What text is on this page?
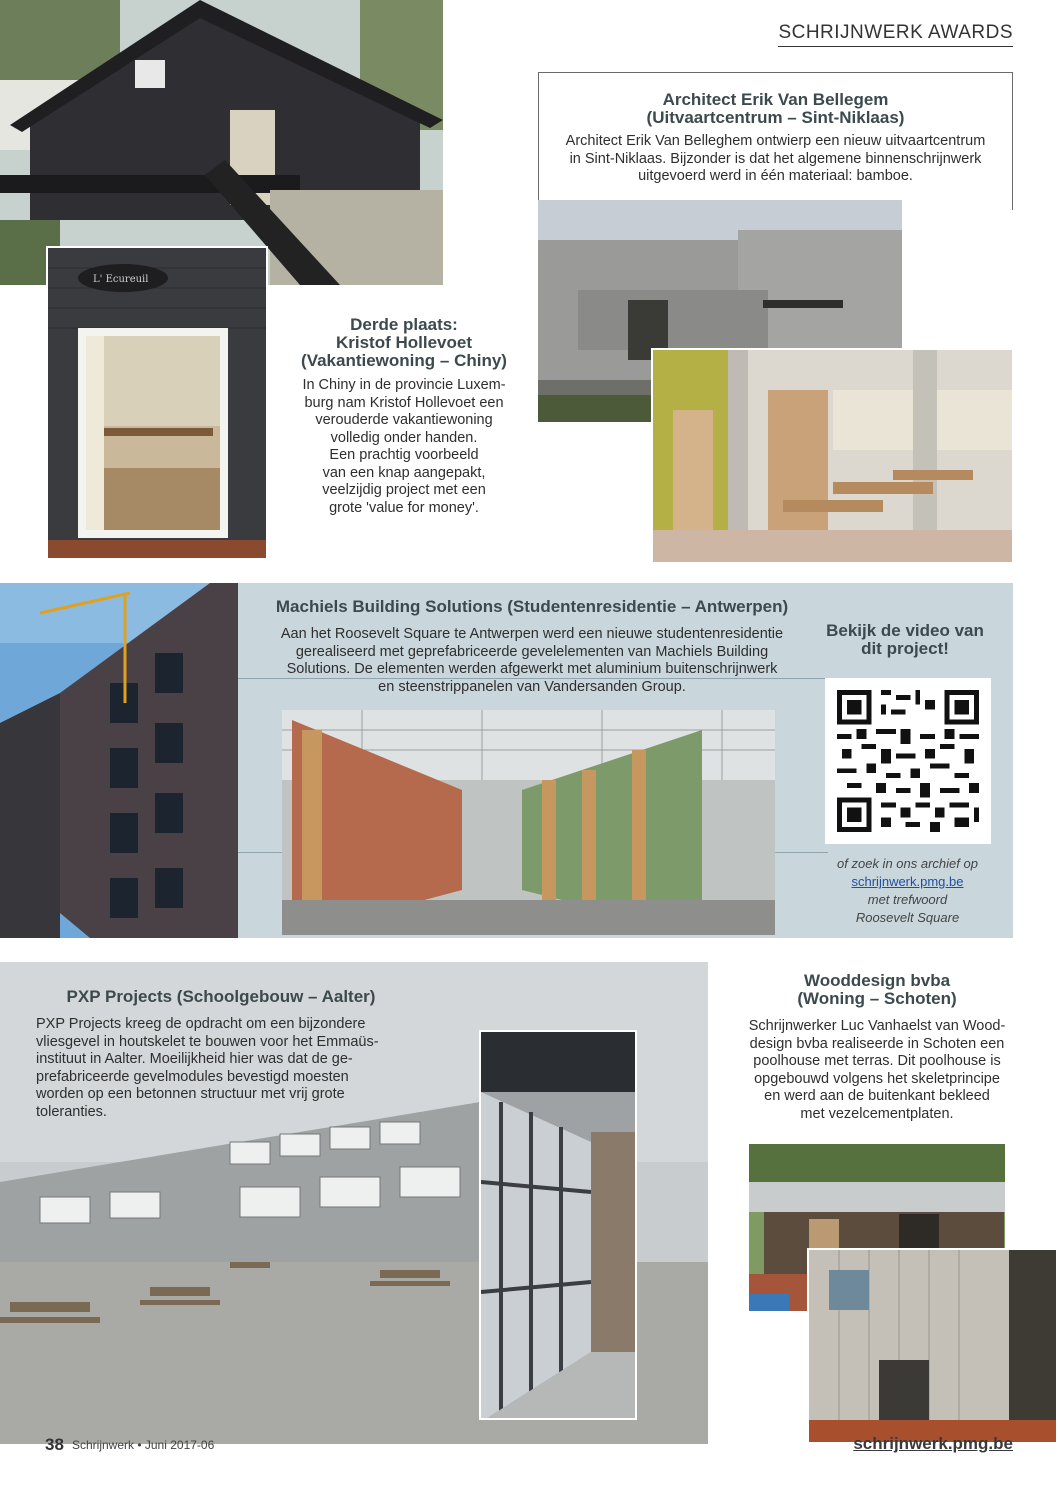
SCHRIJNWERK AWARDS
L' Ecureuil
Derde plaats:
Kristof Hollevoet
(Vakantiewoning – Chiny)
In Chiny in de provincie Luxem-
burg nam Kristof Hollevoet een
verouderde vakantiewoning
volledig onder handen.
Een prachtig voorbeeld
van een knap aangepakt,
veelzijdig project met een
grote 'value for money'.
Architect Erik Van Bellegem
(Uitvaartcentrum – Sint-Niklaas)
Architect Erik Van Belleghem ontwierp een nieuw uitvaartcentrum
in Sint-Niklaas. Bijzonder is dat het algemene binnenschrijnwerk
uitgevoerd werd in één materiaal: bamboe.
Machiels Building Solutions (Studentenresidentie – Antwerpen)
Aan het Roosevelt Square te Antwerpen werd een nieuwe studentenresidentie
gerealiseerd met geprefabriceerde gevelelementen van Machiels Building
Solutions. De elementen werden afgewerkt met aluminium buitenschrijnwerk
en steenstrippanelen van Vandersanden Group.
Bekijk de video van
dit project!
of zoek in ons archief op
schrijnwerk.pmg.be
met trefwoord
Roosevelt Square
PXP Projects (Schoolgebouw – Aalter)
PXP Projects kreeg de opdracht om een bijzondere
vliesgevel in houtskelet te bouwen voor het Emmaüs-
instituut in Aalter. Moeilijkheid hier was dat de ge-
prefabriceerde gevelmodules bevestigd moesten
worden op een betonnen structuur met vrij grote
toleranties.
Wooddesign bvba
(Woning – Schoten)
Schrijnwerker Luc Vanhaelst van Wood-
design bvba realiseerde in Schoten een
poolhouse met terras. Dit poolhouse is
opgebouwd volgens het skeletprincipe
en werd aan de buitenkant bekleed
met vezelcementplaten.
38 Schrijnwerk • Juni 2017-06	schrijnwerk.pmg.be
